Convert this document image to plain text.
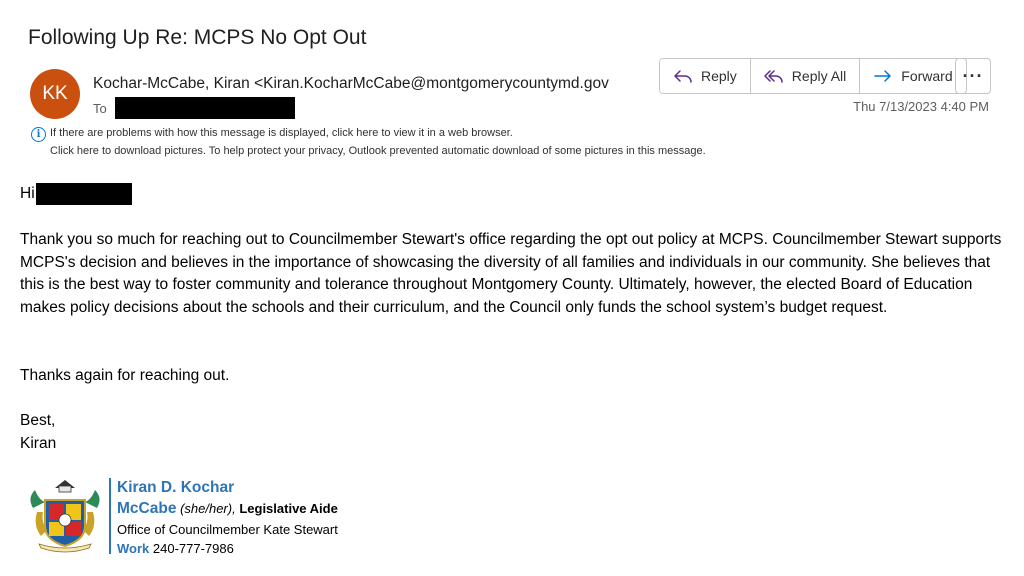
Following Up Re: MCPS No Opt Out
KK	Kochar-McCabe, Kiran <Kiran.KocharMcCabe@montgomerycountymd.gov
To
Reply	Reply All	Forward ···
Thu 7/13/2023 4:40 PM
i If there are problems with how this message is displayed, click here to view it in a web browser.
Click here to download pictures. To help protect your privacy, Outlook prevented automatic download of some pictures in this message.
Hi
Thank you so much for reaching out to Councilmember Stewart's office regarding the opt out policy at MCPS. Councilmember Stewart supports MCPS's decision and believes in the importance of showcasing the diversity of all families and individuals in our community. She believes that this is the best way to foster community and tolerance throughout Montgomery County. Ultimately, however, the elected Board of Education makes policy decisions about the schools and their curriculum, and the Council only funds the school system’s budget request.
Thanks again for reaching out.
Best,
Kiran
Kiran D. Kochar
McCabe (she/her), Legislative Aide
Office of Councilmember Kate Stewart
Work 240-777-7986
